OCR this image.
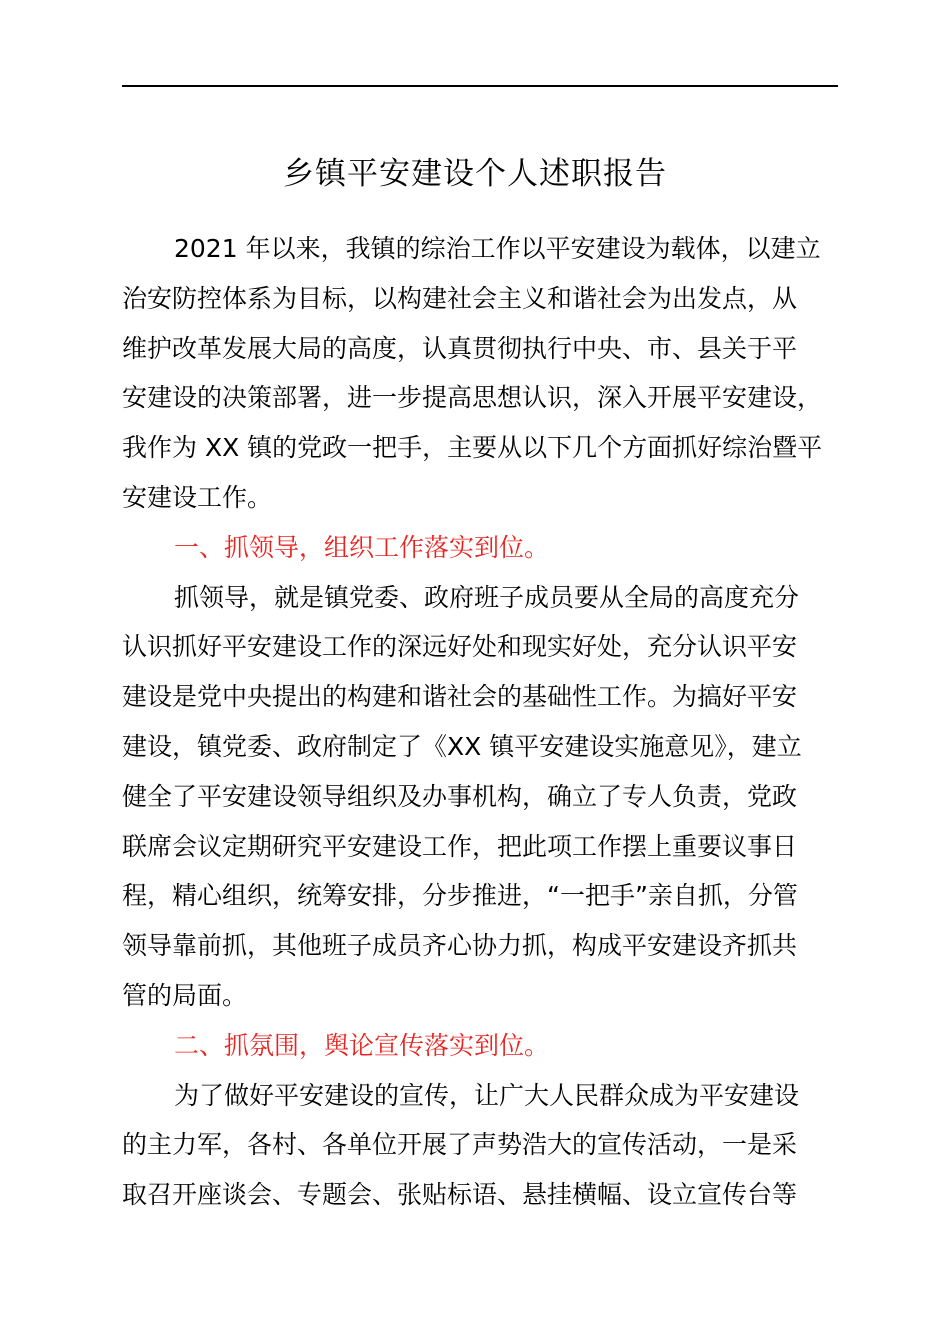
乡镇平安建设个人述职报告
2021 年以来，我镇的综治工作以平安建设为载体，以建立
治安防控体系为目标，以构建社会主义和谐社会为出发点，从
维护改革发展大局的高度，认真贯彻执行中央、市、县关于平
安建设的决策部署，进一步提高思想认识，深入开展平安建设，
我作为 XX 镇的党政一把手，主要从以下几个方面抓好综治暨平
安建设工作。
一、抓领导，组织工作落实到位。
抓领导，就是镇党委、政府班子成员要从全局的高度充分
认识抓好平安建设工作的深远好处和现实好处，充分认识平安
建设是党中央提出的构建和谐社会的基础性工作。为搞好平安
建设，镇党委、政府制定了《XX 镇平安建设实施意见》，建立
健全了平安建设领导组织及办事机构，确立了专人负责，党政
联席会议定期研究平安建设工作，把此项工作摆上重要议事日
程，精心组织，统筹安排，分步推进，“一把手”亲自抓，分管
领导靠前抓，其他班子成员齐心协力抓，构成平安建设齐抓共
管的局面。
二、抓氛围，舆论宣传落实到位。
为了做好平安建设的宣传，让广大人民群众成为平安建设
的主力军，各村、各单位开展了声势浩大的宣传活动，一是采
取召开座谈会、专题会、张贴标语、悬挂横幅、设立宣传台等
